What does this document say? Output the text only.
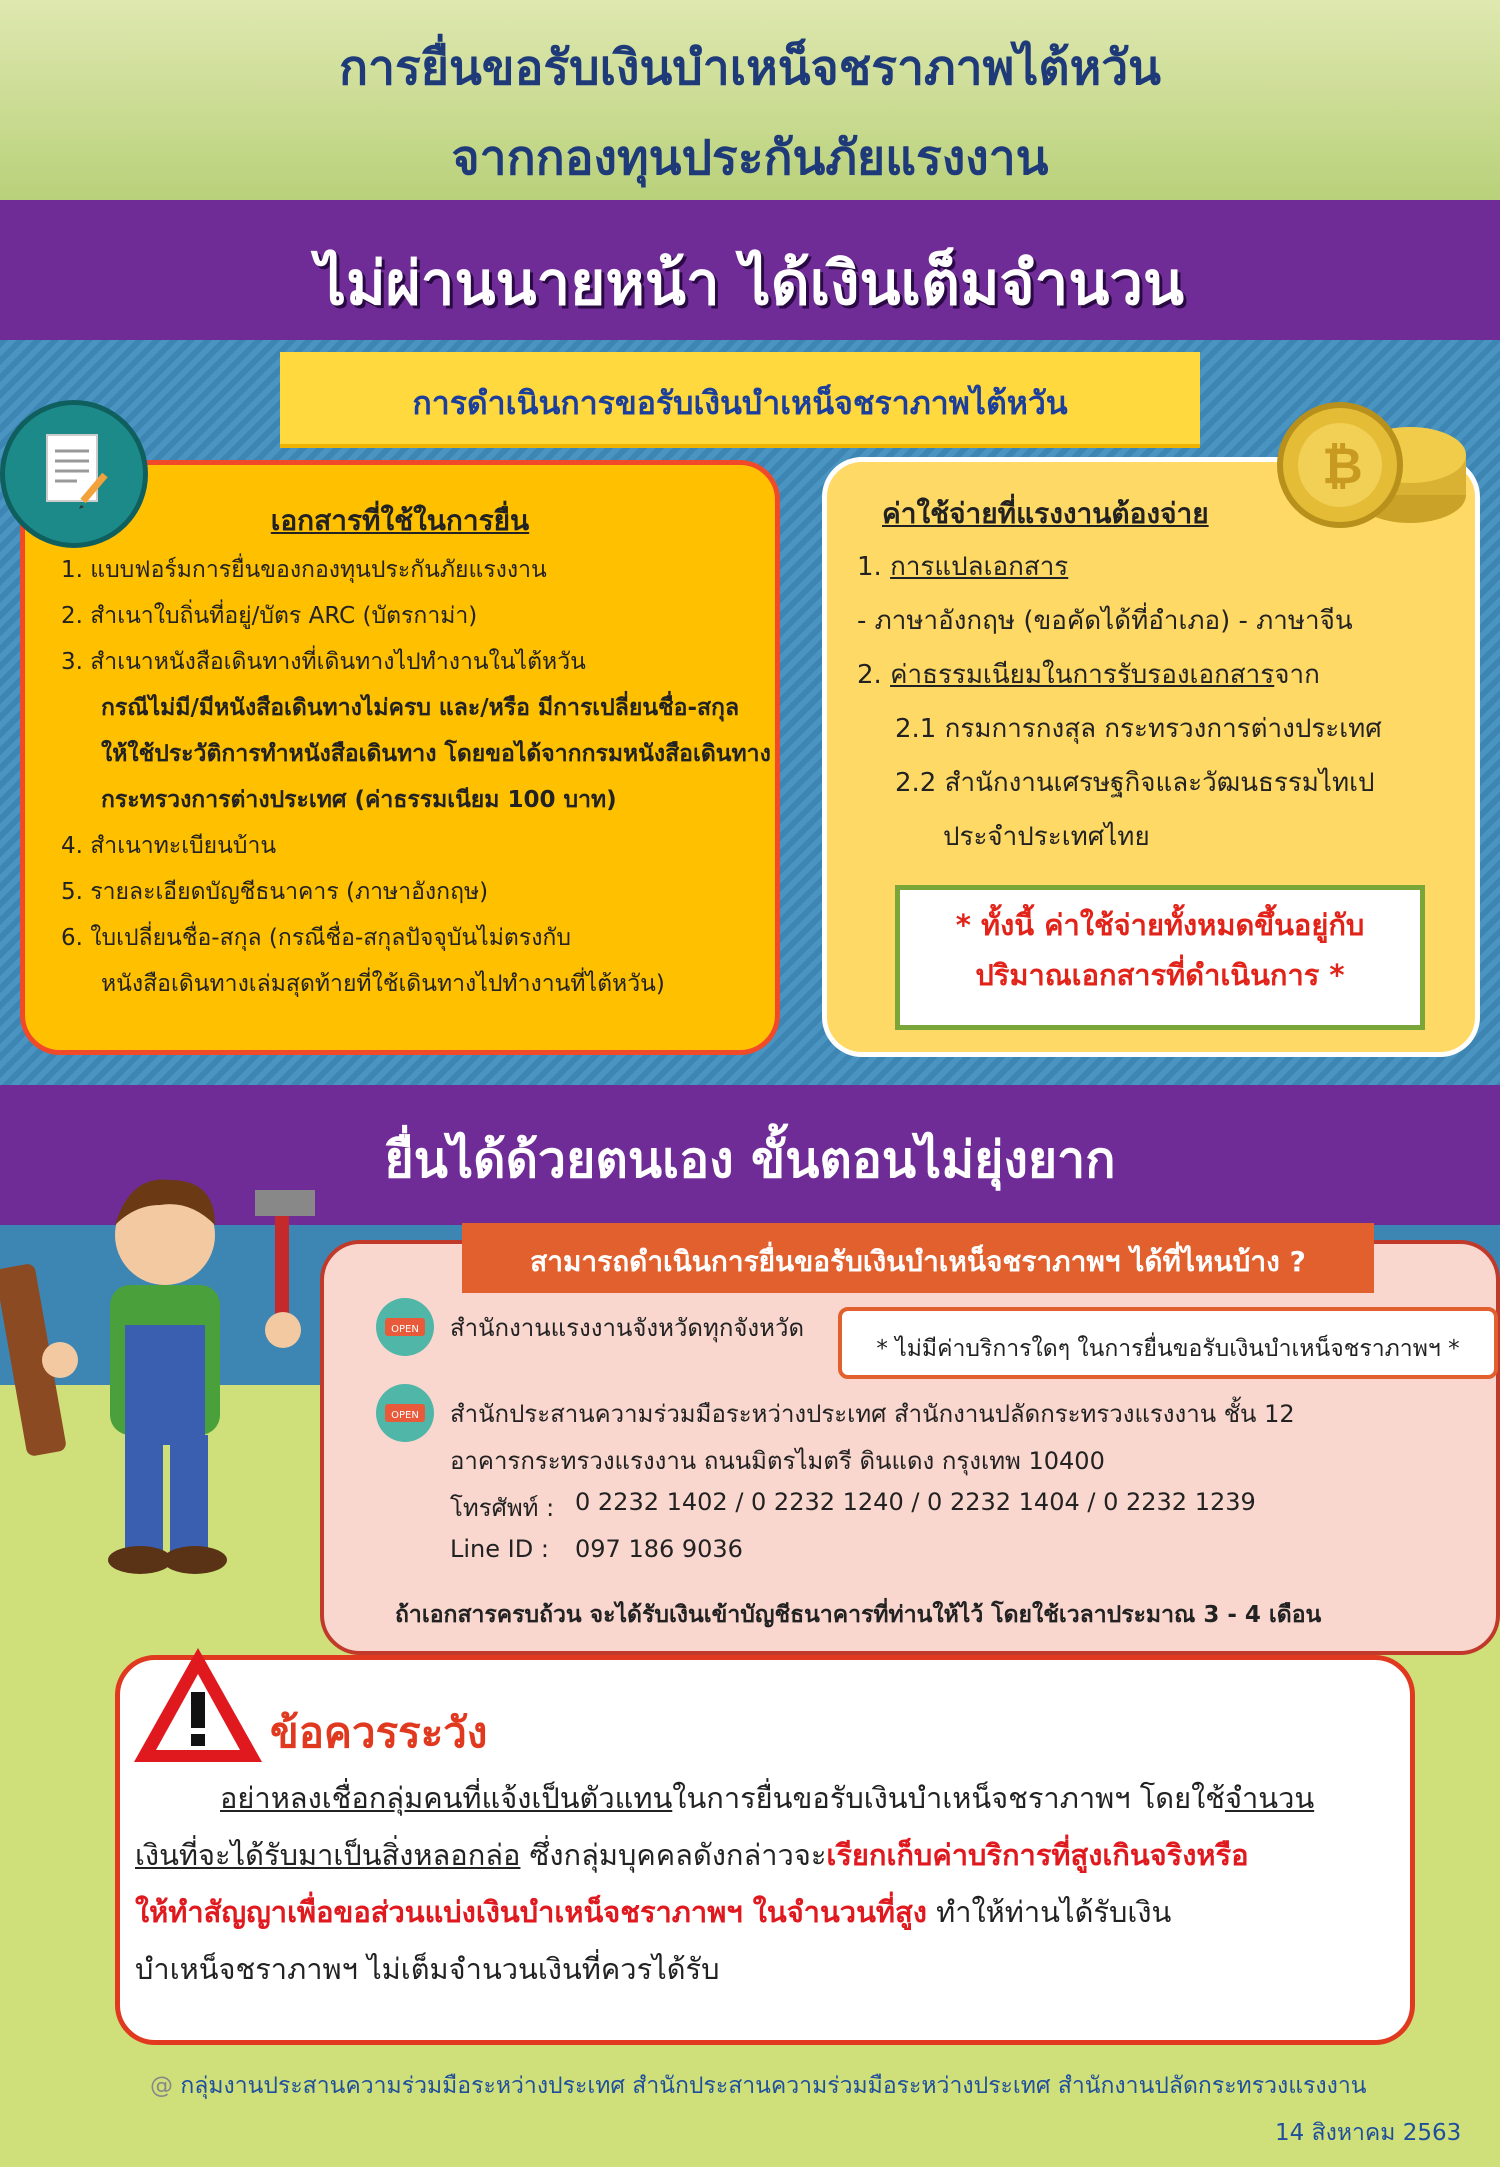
การยื่นขอรับเงินบำเหน็จชราภาพไต้หวัน
จากกองทุนประกันภัยแรงงาน
ไม่ผ่านนายหน้า ได้เงินเต็มจำนวน
การดำเนินการขอรับเงินบำเหน็จชราภาพไต้หวัน
เอกสารที่ใช้ในการยื่น
1. แบบฟอร์มการยื่นของกองทุนประกันภัยแรงงาน
2. สำเนาใบถิ่นที่อยู่/บัตร ARC (บัตรกาม่า)
3. สำเนาหนังสือเดินทางที่เดินทางไปทำงานในไต้หวัน
กรณีไม่มี/มีหนังสือเดินทางไม่ครบ และ/หรือ มีการเปลี่ยนชื่อ-สกุล
ให้ใช้ประวัติการทำหนังสือเดินทาง โดยขอได้จากกรมหนังสือเดินทาง
กระทรวงการต่างประเทศ (ค่าธรรมเนียม 100 บาท)
4. สำเนาทะเบียนบ้าน
5. รายละเอียดบัญชีธนาคาร (ภาษาอังกฤษ)
6. ใบเปลี่ยนชื่อ-สกุล (กรณีชื่อ-สกุลปัจจุบันไม่ตรงกับ
หนังสือเดินทางเล่มสุดท้ายที่ใช้เดินทางไปทำงานที่ไต้หวัน)
ค่าใช้จ่ายที่แรงงานต้องจ่าย
1. การแปลเอกสาร
- ภาษาอังกฤษ (ขอคัดได้ที่อำเภอ) - ภาษาจีน
2. ค่าธรรมเนียมในการรับรองเอกสารจาก
2.1 กรมการกงสุล กระทรวงการต่างประเทศ
2.2 สำนักงานเศรษฐกิจและวัฒนธรรมไทเป
ประจำประเทศไทย
* ทั้งนี้ ค่าใช้จ่ายทั้งหมดขึ้นอยู่กับ
ปริมาณเอกสารที่ดำเนินการ *
₿
ยื่นได้ด้วยตนเอง ขั้นตอนไม่ยุ่งยาก
สามารถดำเนินการยื่นขอรับเงินบำเหน็จชราภาพฯ ได้ที่ไหนบ้าง ?
OPEN สำนักงานแรงงานจังหวัดทุกจังหวัด
* ไม่มีค่าบริการใดๆ ในการยื่นขอรับเงินบำเหน็จชราภาพฯ *
OPEN สำนักประสานความร่วมมือระหว่างประเทศ สำนักงานปลัดกระทรวงแรงงาน ชั้น 12
อาคารกระทรวงแรงงาน ถนนมิตรไมตรี ดินแดง กรุงเทพ 10400
โทรศัพท์ : 0 2232 1402 / 0 2232 1240 / 0 2232 1404 / 0 2232 1239
Line ID : 097 186 9036
ถ้าเอกสารครบถ้วน จะได้รับเงินเข้าบัญชีธนาคารที่ท่านให้ไว้ โดยใช้เวลาประมาณ 3 - 4 เดือน
อย่าหลงเชื่อกลุ่มคนที่แจ้งเป็นตัวแทนในการยื่นขอรับเงินบำเหน็จชราภาพฯ โดยใช้จำนวน
เงินที่จะได้รับมาเป็นสิ่งหลอกล่อ ซึ่งกลุ่มบุคคลดังกล่าวจะเรียกเก็บค่าบริการที่สูงเกินจริงหรือ
ให้ทำสัญญาเพื่อขอส่วนแบ่งเงินบำเหน็จชราภาพฯ ในจำนวนที่สูง ทำให้ท่านได้รับเงิน
บำเหน็จชราภาพฯ ไม่เต็มจำนวนเงินที่ควรได้รับ
ข้อควรระวัง
@ กลุ่มงานประสานความร่วมมือระหว่างประเทศ สำนักประสานความร่วมมือระหว่างประเทศ สำนักงานปลัดกระทรวงแรงงาน
14 สิงหาคม 2563
